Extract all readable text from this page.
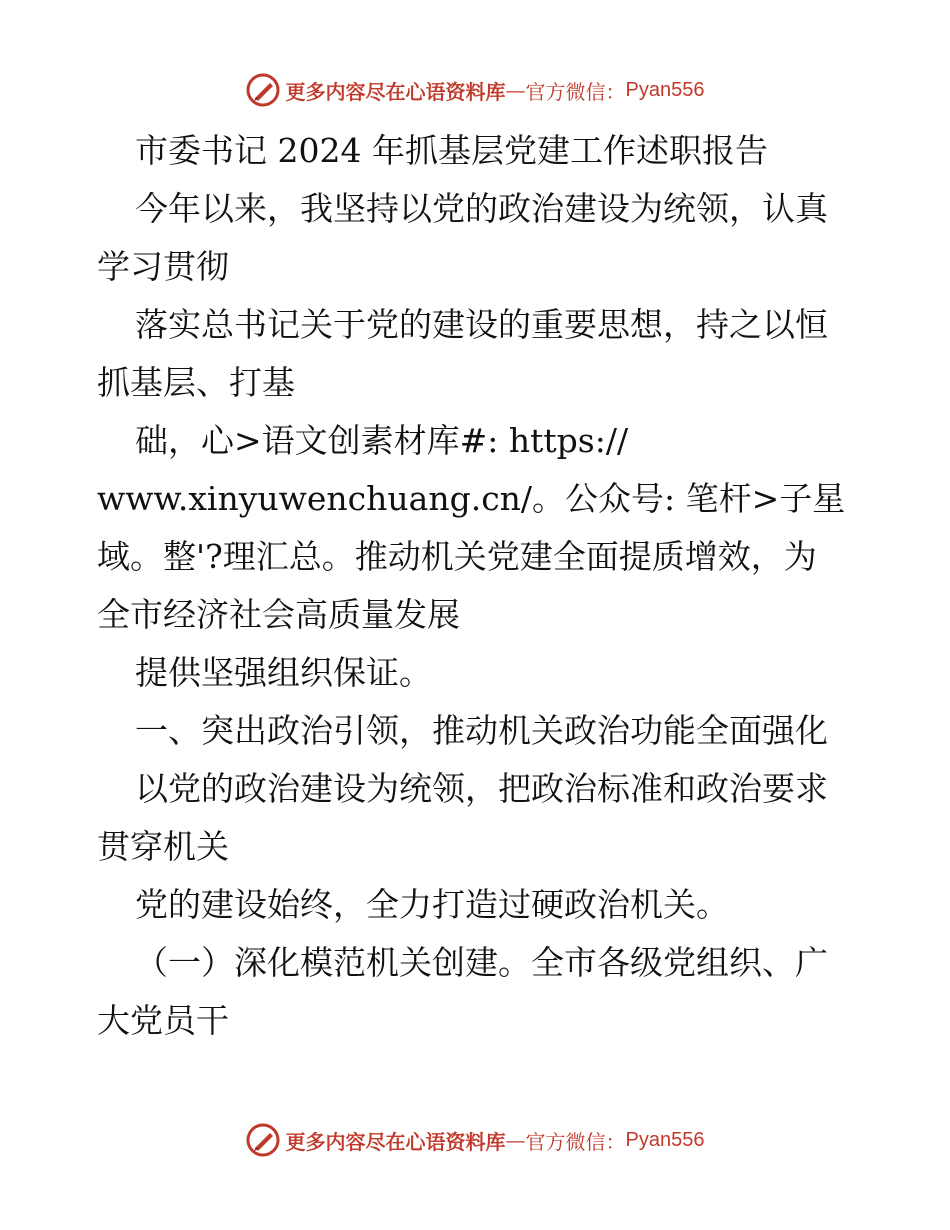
更多内容尽在心语资料库 — 官方微信： Pyan556
市委书记 2024 年抓基层党建工作述职报告
今年以来，我坚持以党的政治建设为统领，认真
学习贯彻
落实总书记关于党的建设的重要思想，持之以恒
抓基层、打基
础，心>语文创素材库#: https://
www.xinyuwenchuang.cn/。公众号: 笔杆>子星
域。整'?理汇总。推动机关党建全面提质增效，为
全市经济社会高质量发展
提供坚强组织保证。
一、突出政治引领，推动机关政治功能全面强化
以党的政治建设为统领，把政治标准和政治要求
贯穿机关
党的建设始终，全力打造过硬政治机关。
（一）深化模范机关创建。全市各级党组织、广
大党员干
更多内容尽在心语资料库 — 官方微信： Pyan556
